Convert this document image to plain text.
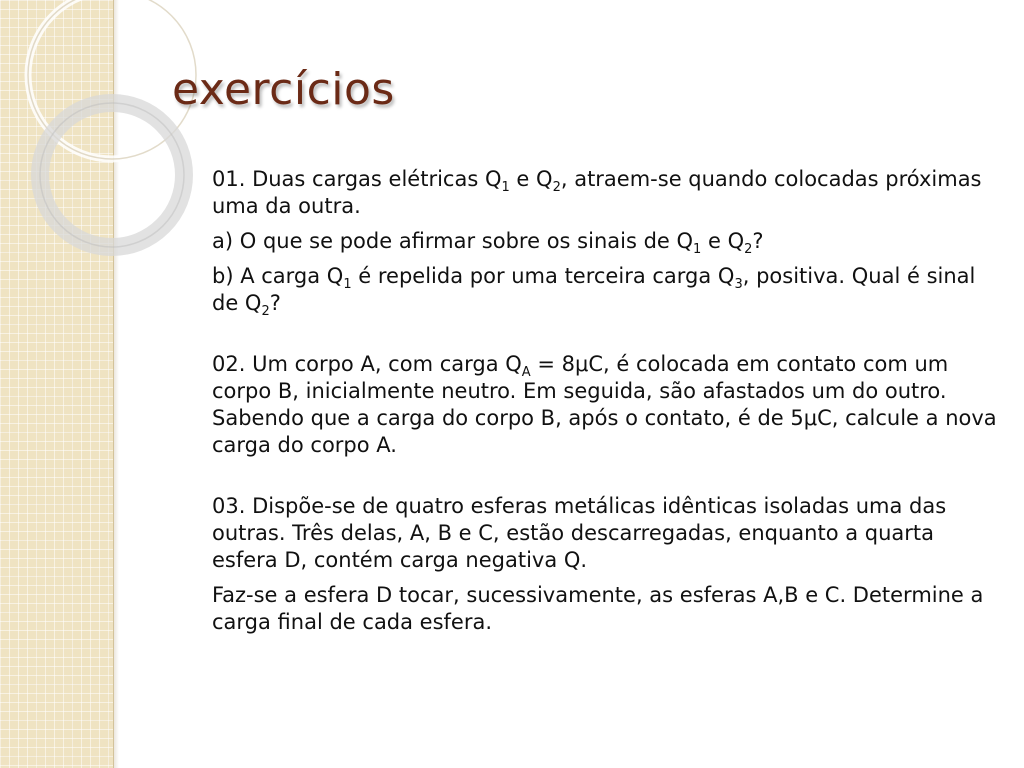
exercícios
01. Duas cargas elétricas $Q_1$ e $Q_2$, atraem-se quando colocadas próximas uma da outra.
a) O que se pode afirmar sobre os sinais de $Q_1$ e $Q_2$?
b) A carga $Q_1$ é repelida por uma terceira carga $Q_3$, positiva. Qual é sinal de $Q_2$?
02. Um corpo A, com carga $Q_A = 8\mu C$, é colocada em contato com um corpo B, inicialmente neutro. Em seguida, são afastados um do outro. Sabendo que a carga do corpo B, após o contato, é de 5μC, calcule a nova carga do corpo A.
03. Dispõe-se de quatro esferas metálicas idênticas isoladas uma das outras. Três delas, A, B e C, estão descarregadas, enquanto a quarta esfera D, contém carga negativa Q.
Faz-se a esfera D tocar, sucessivamente, as esferas A,B e C. Determine a carga final de cada esfera.
